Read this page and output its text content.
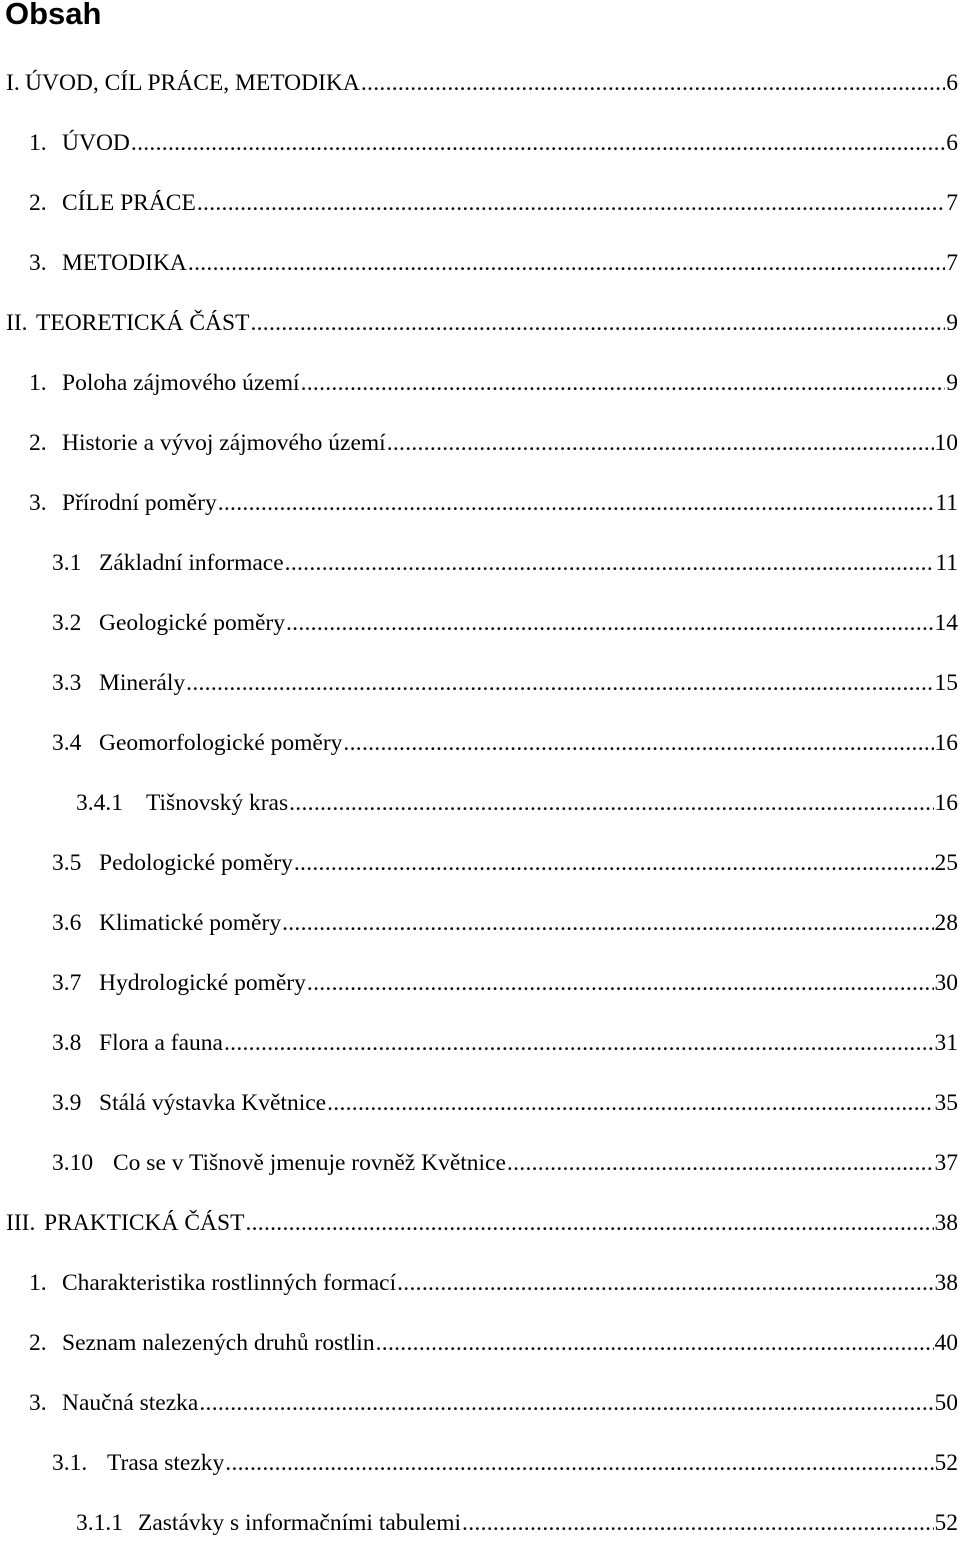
Obsah
I. ÚVOD, CÍL PRÁCE, METODIKA .....	6
1. ÚVOD .....	6
2. CÍLE PRÁCE .....	7
3. METODIKA .....	7
II. TEORETICKÁ ČÁST .....	9
1. Poloha zájmového území .....	9
2. Historie a vývoj zájmového území .....	10
3. Přírodní poměry .....	11
3.1 Základní informace .....	11
3.2 Geologické poměry .....	14
3.3 Minerály .....	15
3.4 Geomorfologické poměry .....	16
3.4.1 Tišnovský kras .....	16
3.5 Pedologické poměry .....	25
3.6 Klimatické poměry .....	28
3.7 Hydrologické poměry .....	30
3.8 Flora a fauna .....	31
3.9 Stálá výstavka Květnice .....	35
3.10 Co se v Tišnově jmenuje rovněž Květnice .....	37
III. PRAKTICKÁ ČÁST .....	38
1. Charakteristika rostlinných formací .....	38
2. Seznam nalezených druhů rostlin .....	40
3. Naučná stezka .....	50
3.1. Trasa stezky .....	52
3.1.1 Zastávky s informačními tabulemi .....	52
